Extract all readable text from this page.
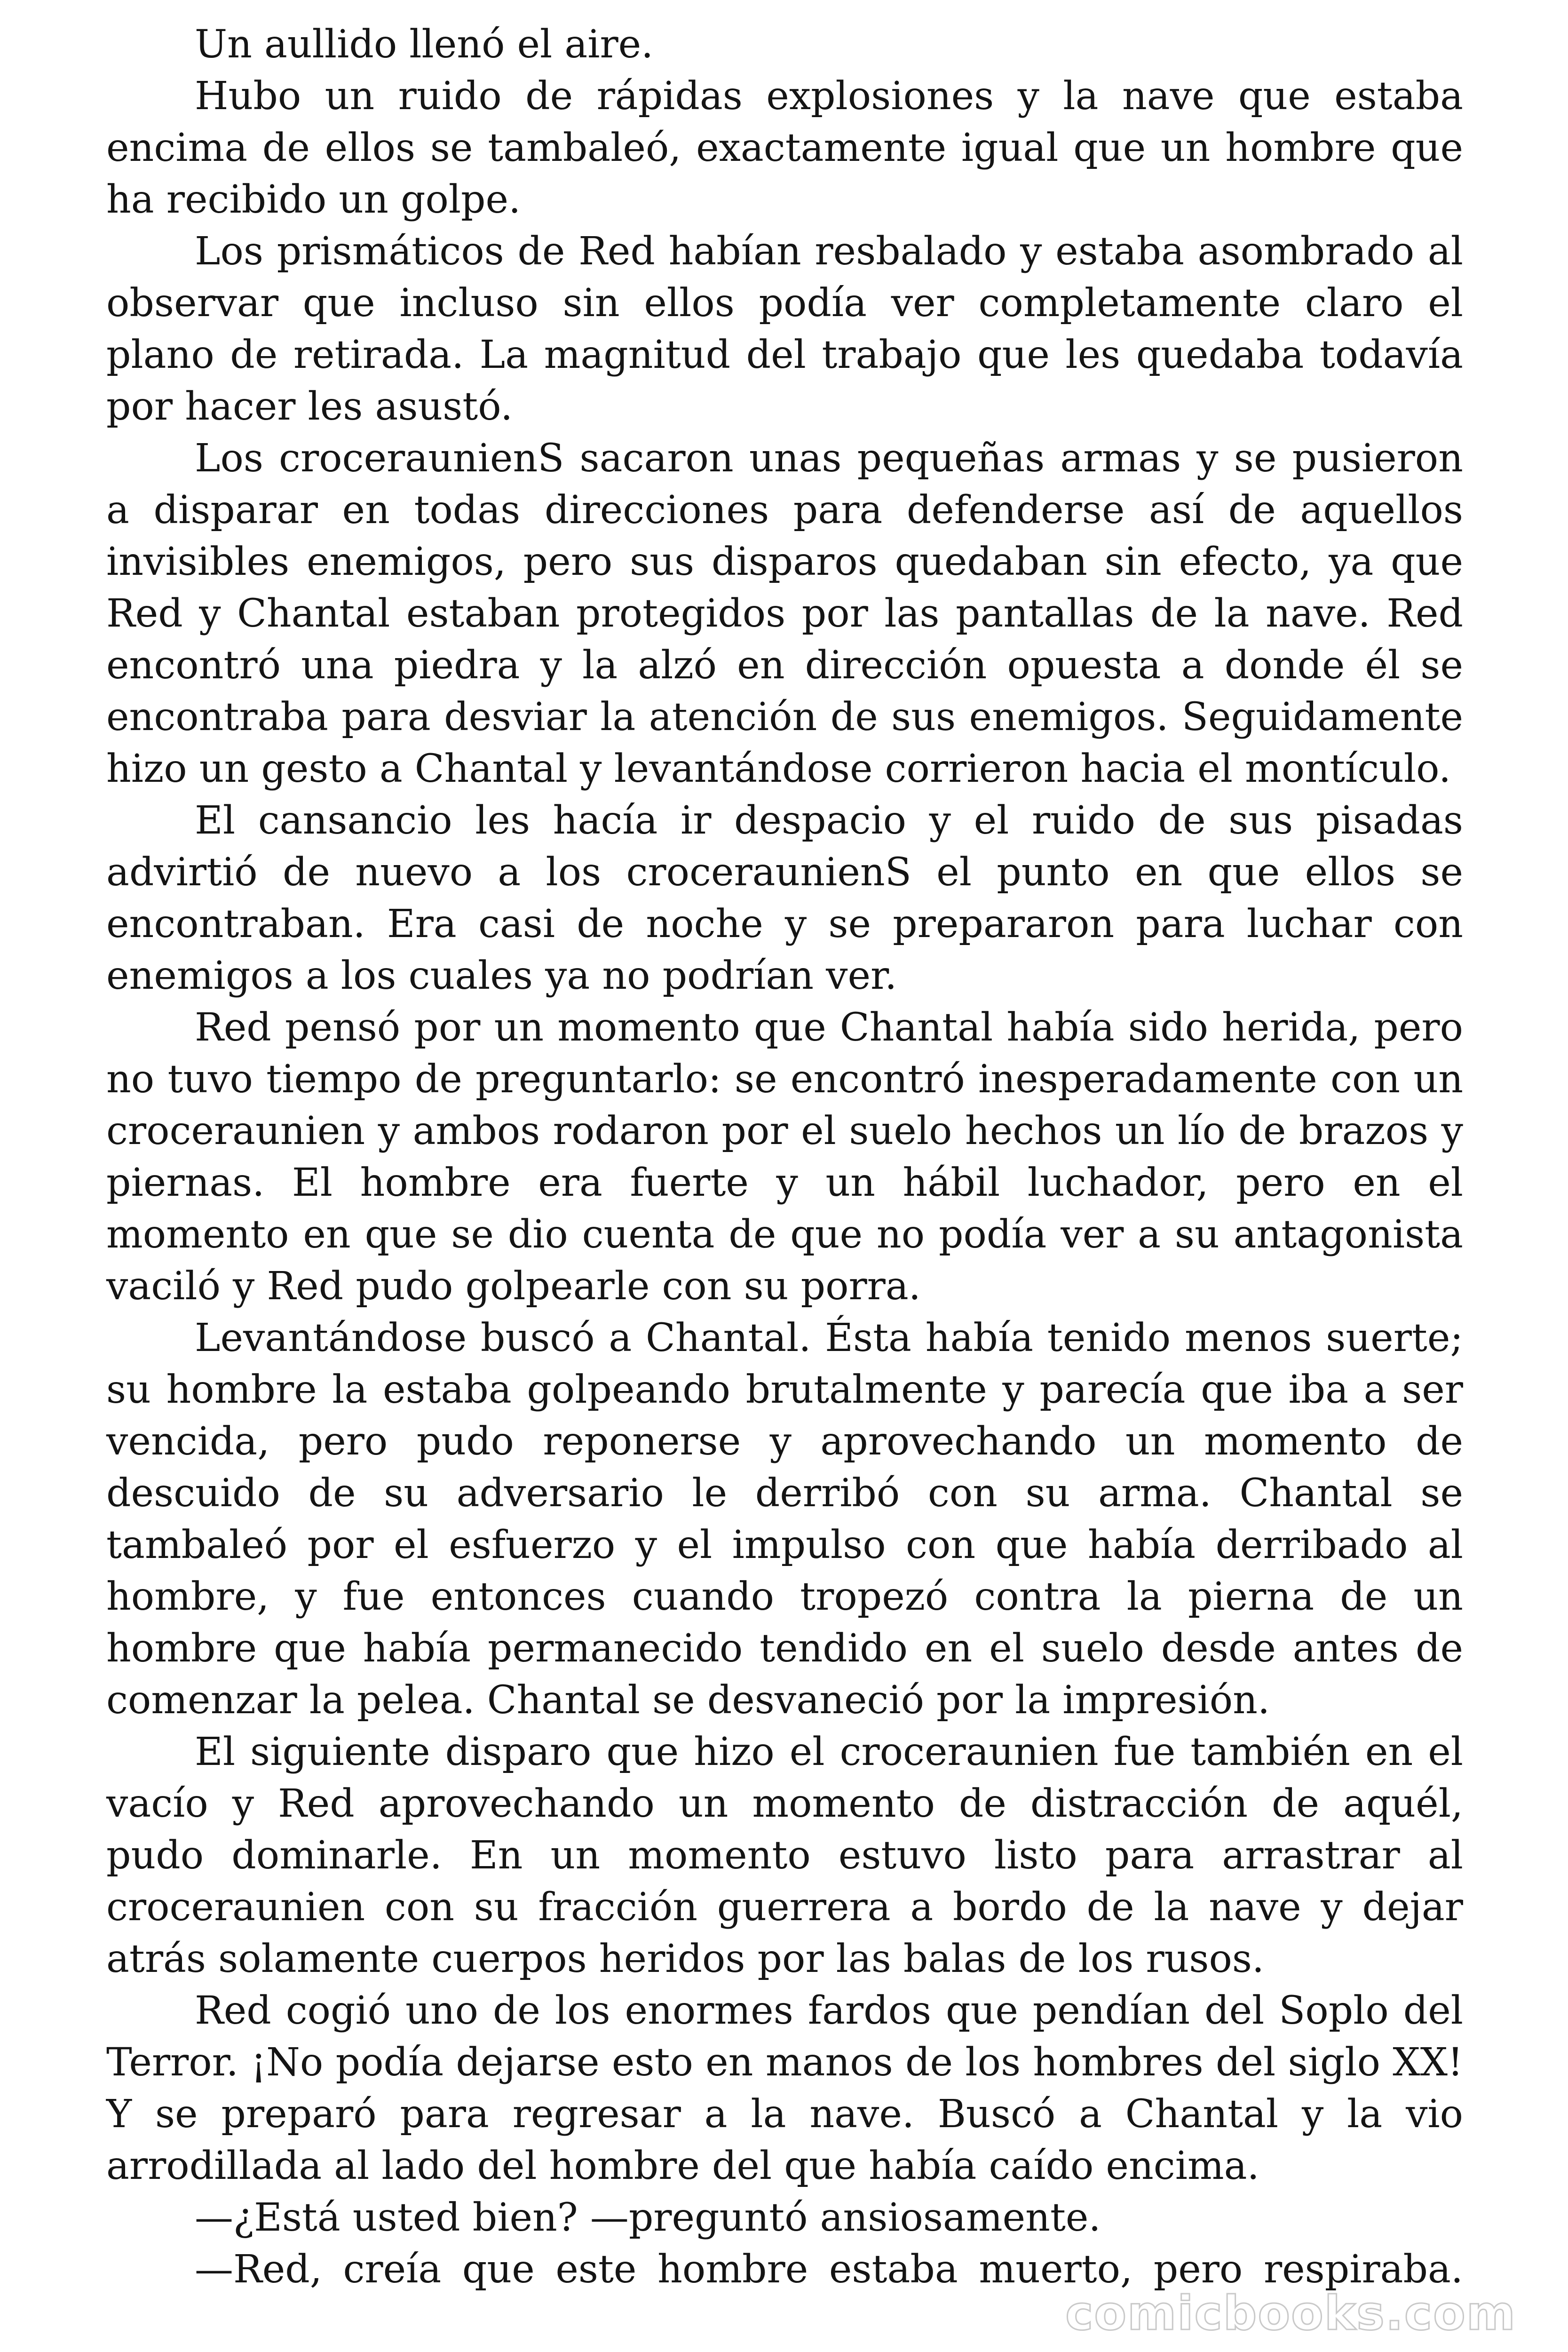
Un aullido llenó el aire.

Hubo un ruido de rápidas explosiones y la nave que estaba encima de ellos se tambaleó, exactamente igual que un hombre que ha recibido un golpe.

Los prismáticos de Red habían resbalado y estaba asombrado al observar que incluso sin ellos podía ver completamente claro el plano de retirada. La magnitud del trabajo que les quedaba todavía por hacer les asustó.

Los croceraunienS sacaron unas pequeñas armas y se pusieron a disparar en todas direcciones para defenderse así de aquellos invisibles enemigos, pero sus disparos quedaban sin efecto, ya que Red y Chantal estaban protegidos por las pantallas de la nave. Red encontró una piedra y la alzó en dirección opuesta a donde él se encontraba para desviar la atención de sus enemigos. Seguidamente hizo un gesto a Chantal y levantándose corrieron hacia el montículo.

El cansancio les hacía ir despacio y el ruido de sus pisadas advirtió de nuevo a los croceraunienS el punto en que ellos se encontraban. Era casi de noche y se prepararon para luchar con enemigos a los cuales ya no podrían ver.

Red pensó por un momento que Chantal había sido herida, pero no tuvo tiempo de preguntarlo: se encontró inesperadamente con un croceraunien y ambos rodaron por el suelo hechos un lío de brazos y piernas. El hombre era fuerte y un hábil luchador, pero en el momento en que se dio cuenta de que no podía ver a su antagonista vaciló y Red pudo golpearle con su porra.

Levantándose buscó a Chantal. Ésta había tenido menos suerte; su hombre la estaba golpeando brutalmente y parecía que iba a ser vencida, pero pudo reponerse y aprovechando un momento de descuido de su adversario le derribó con su arma. Chantal se tambaleó por el esfuerzo y el impulso con que había derribado al hombre, y fue entonces cuando tropezó contra la pierna de un hombre que había permanecido tendido en el suelo desde antes de comenzar la pelea. Chantal se desvaneció por la impresión.

El siguiente disparo que hizo el croceraunien fue también en el vacío y Red aprovechando un momento de distracción de aquél, pudo dominarle. En un momento estuvo listo para arrastrar al croceraunien con su fracción guerrera a bordo de la nave y dejar atrás solamente cuerpos heridos por las balas de los rusos.

Red cogió uno de los enormes fardos que pendían del Soplo del Terror. ¡No podía dejarse esto en manos de los hombres del siglo XX! Y se preparó para regresar a la nave. Buscó a Chantal y la vio arrodillada al lado del hombre del que había caído encima.

—¿Está usted bien? —preguntó ansiosamente.

—Red, creía que este hombre estaba muerto, pero respiraba.

comicbooks.com
